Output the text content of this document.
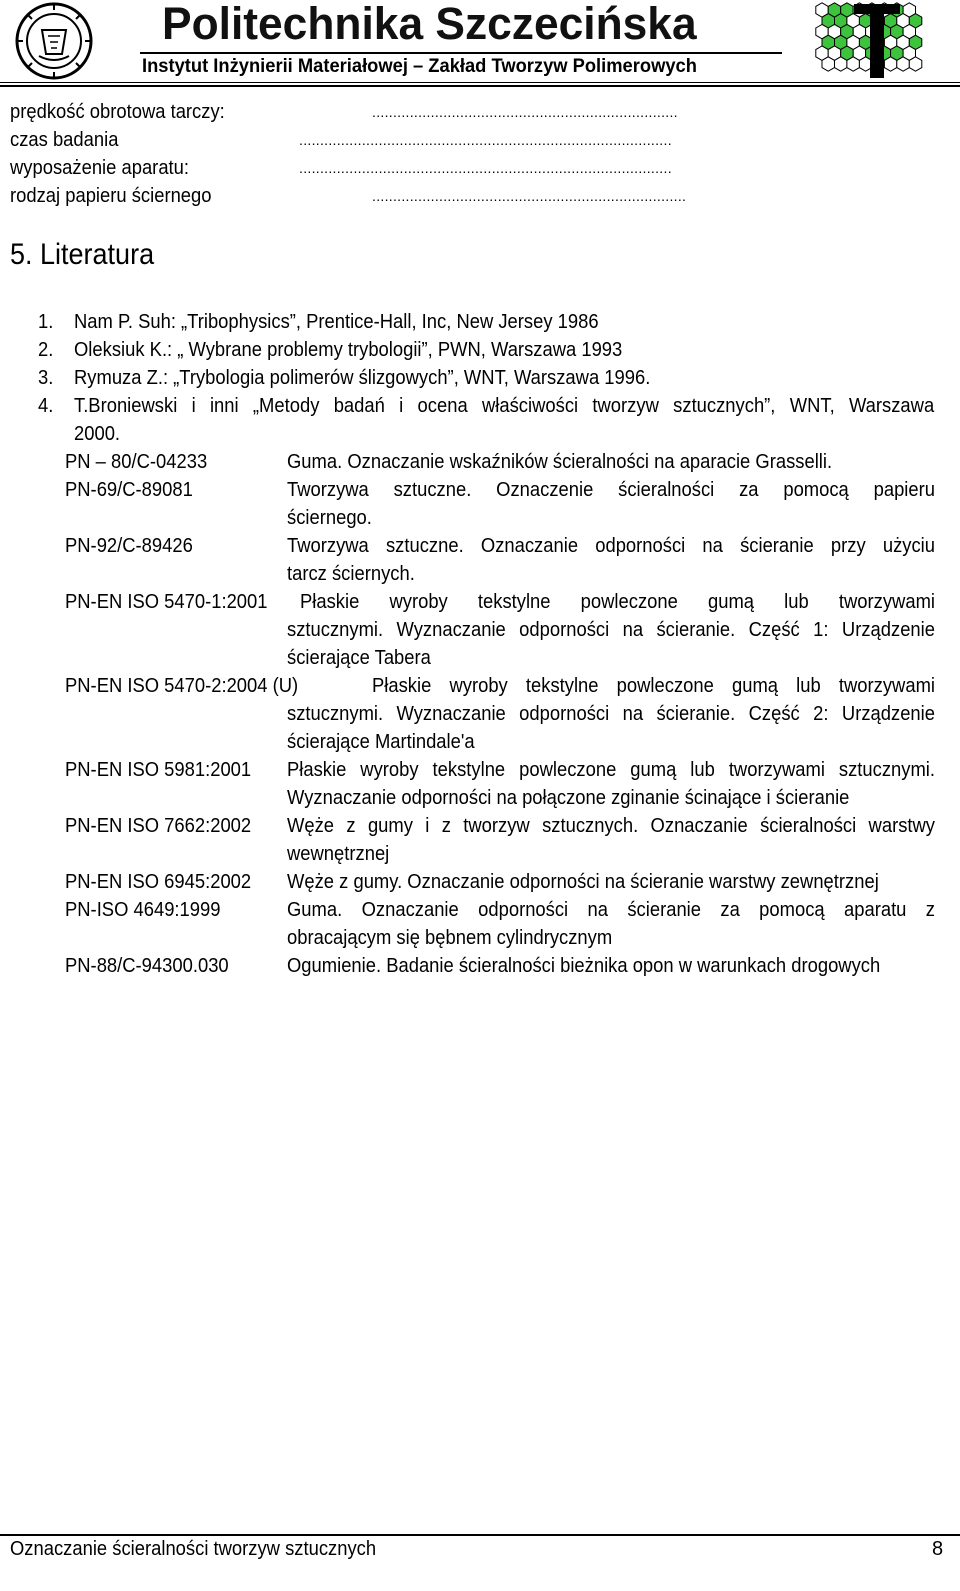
Politechnika Szczecińska
Instytut Inżynierii Materiałowej – Zakład Tworzyw Polimerowych
prędkość obrotowa tarczy:	.........................................................................
czas badania	.........................................................................................
wyposażenie aparatu:	.........................................................................................
rodzaj papieru ściernego	...........................................................................
5. Literatura
1. Nam P. Suh: „Tribophysics”, Prentice-Hall, Inc, New Jersey 1986
2. Oleksiuk K.: „ Wybrane problemy trybologii”, PWN, Warszawa 1993
3. Rymuza Z.: „Trybologia polimerów ślizgowych”, WNT, Warszawa 1996.
4. T.Broniewski i inni „Metody badań i ocena właściwości tworzyw sztucznych”, WNT, Warszawa
2000.
PN – 80/C-04233	Guma. Oznaczanie wskaźników ścieralności na aparacie Grasselli.
PN-69/C-89081	Tworzywa sztuczne. Oznaczenie ścieralności za pomocą papieru
ściernego.
PN-92/C-89426	Tworzywa sztuczne. Oznaczanie odporności na ścieranie przy użyciu
tarcz ściernych.
PN-EN ISO 5470-1:2001 Płaskie wyroby tekstylne powleczone gumą lub tworzywami
sztucznymi. Wyznaczanie odporności na ścieranie. Część 1: Urządzenie
ścierające Tabera
PN-EN ISO 5470-2:2004 (U)	Płaskie wyroby tekstylne powleczone gumą lub tworzywami
sztucznymi. Wyznaczanie odporności na ścieranie. Część 2: Urządzenie
ścierające Martindale'a
PN-EN ISO 5981:2001 Płaskie wyroby tekstylne powleczone gumą lub tworzywami sztucznymi.
Wyznaczanie odporności na połączone zginanie ścinające i ścieranie
PN-EN ISO 7662:2002 Węże z gumy i z tworzyw sztucznych. Oznaczanie ścieralności warstwy
wewnętrznej
PN-EN ISO 6945:2002 Węże z gumy. Oznaczanie odporności na ścieranie warstwy zewnętrznej
PN-ISO 4649:1999	Guma. Oznaczanie odporności na ścieranie za pomocą aparatu z
obracającym się bębnem cylindrycznym
PN-88/C-94300.030	Ogumienie. Badanie ścieralności bieżnika opon w warunkach drogowych
Oznaczanie ścieralności tworzyw sztucznych	8
